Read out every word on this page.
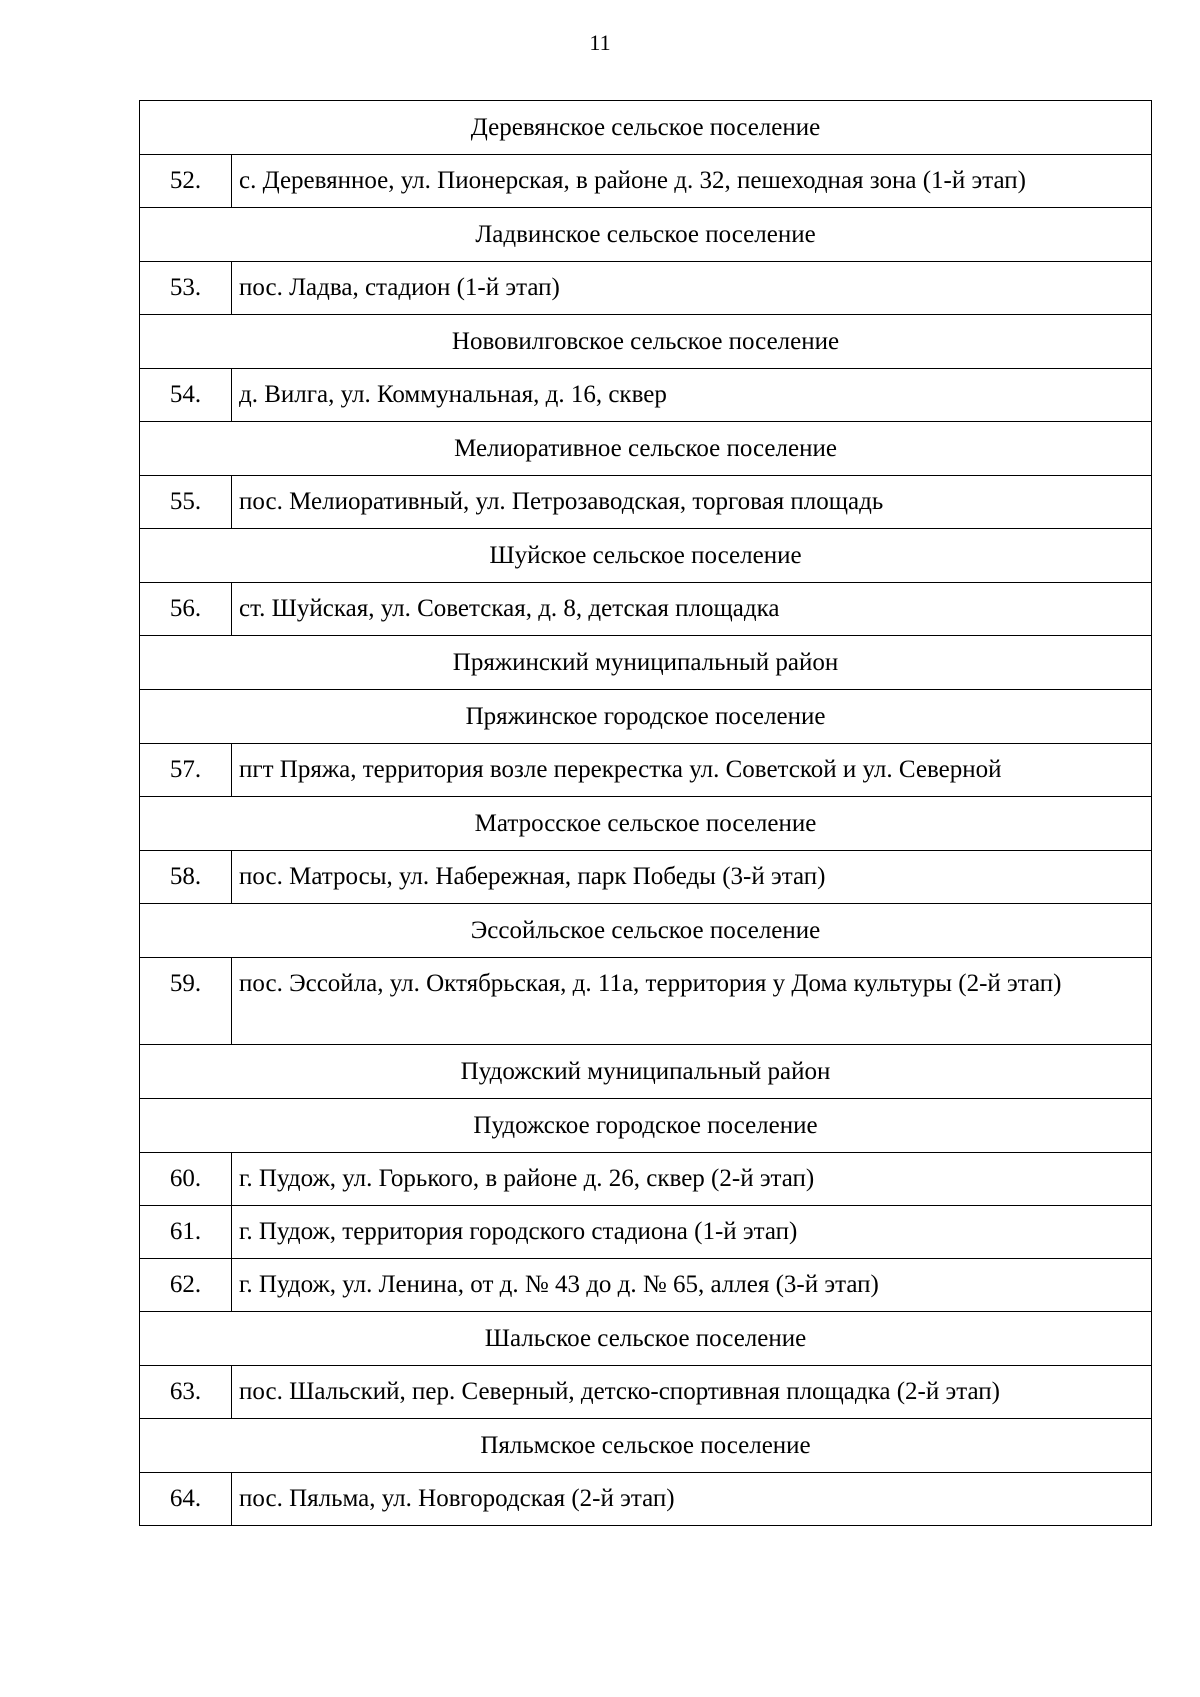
11
Деревянское сельское поселение	
52.	с. Деревянное, ул. Пионерская, в районе д. 32, пешеходная зона (1-й этап)
Ладвинское сельское поселение	
53.	пос. Ладва, стадион (1-й этап)
Нововилговское сельское поселение	
54.	д. Вилга, ул. Коммунальная, д. 16, сквер
Мелиоративное сельское поселение	
55.	пос. Мелиоративный, ул. Петрозаводская, торговая площадь
Шуйское сельское поселение	
56.	ст. Шуйская, ул. Советская, д. 8, детская площадка
Пряжинский муниципальный район	
Пряжинское городское поселение	
57.	пгт Пряжа, территория возле перекрестка ул. Советской и ул. Северной
Матросское сельское поселение	
58.	пос. Матросы, ул. Набережная, парк Победы (3-й этап)
Эссойльское сельское поселение	
59.	пос. Эссойла, ул. Октябрьская, д. 11а, территория у Дома культуры (2-й этап)
Пудожский муниципальный район	
Пудожское городское поселение	
60.	г. Пудож, ул. Горького, в районе д. 26, сквер (2-й этап)
61.	г. Пудож, территория городского стадиона (1-й этап)
62.	г. Пудож, ул. Ленина, от д. № 43 до д. № 65, аллея (3-й этап)
Шальское сельское поселение	
63.	пос. Шальский, пер. Северный, детско-спортивная площадка (2-й этап)
Пяльмское сельское поселение	
64.	пос. Пяльма, ул. Новгородская (2-й этап)
